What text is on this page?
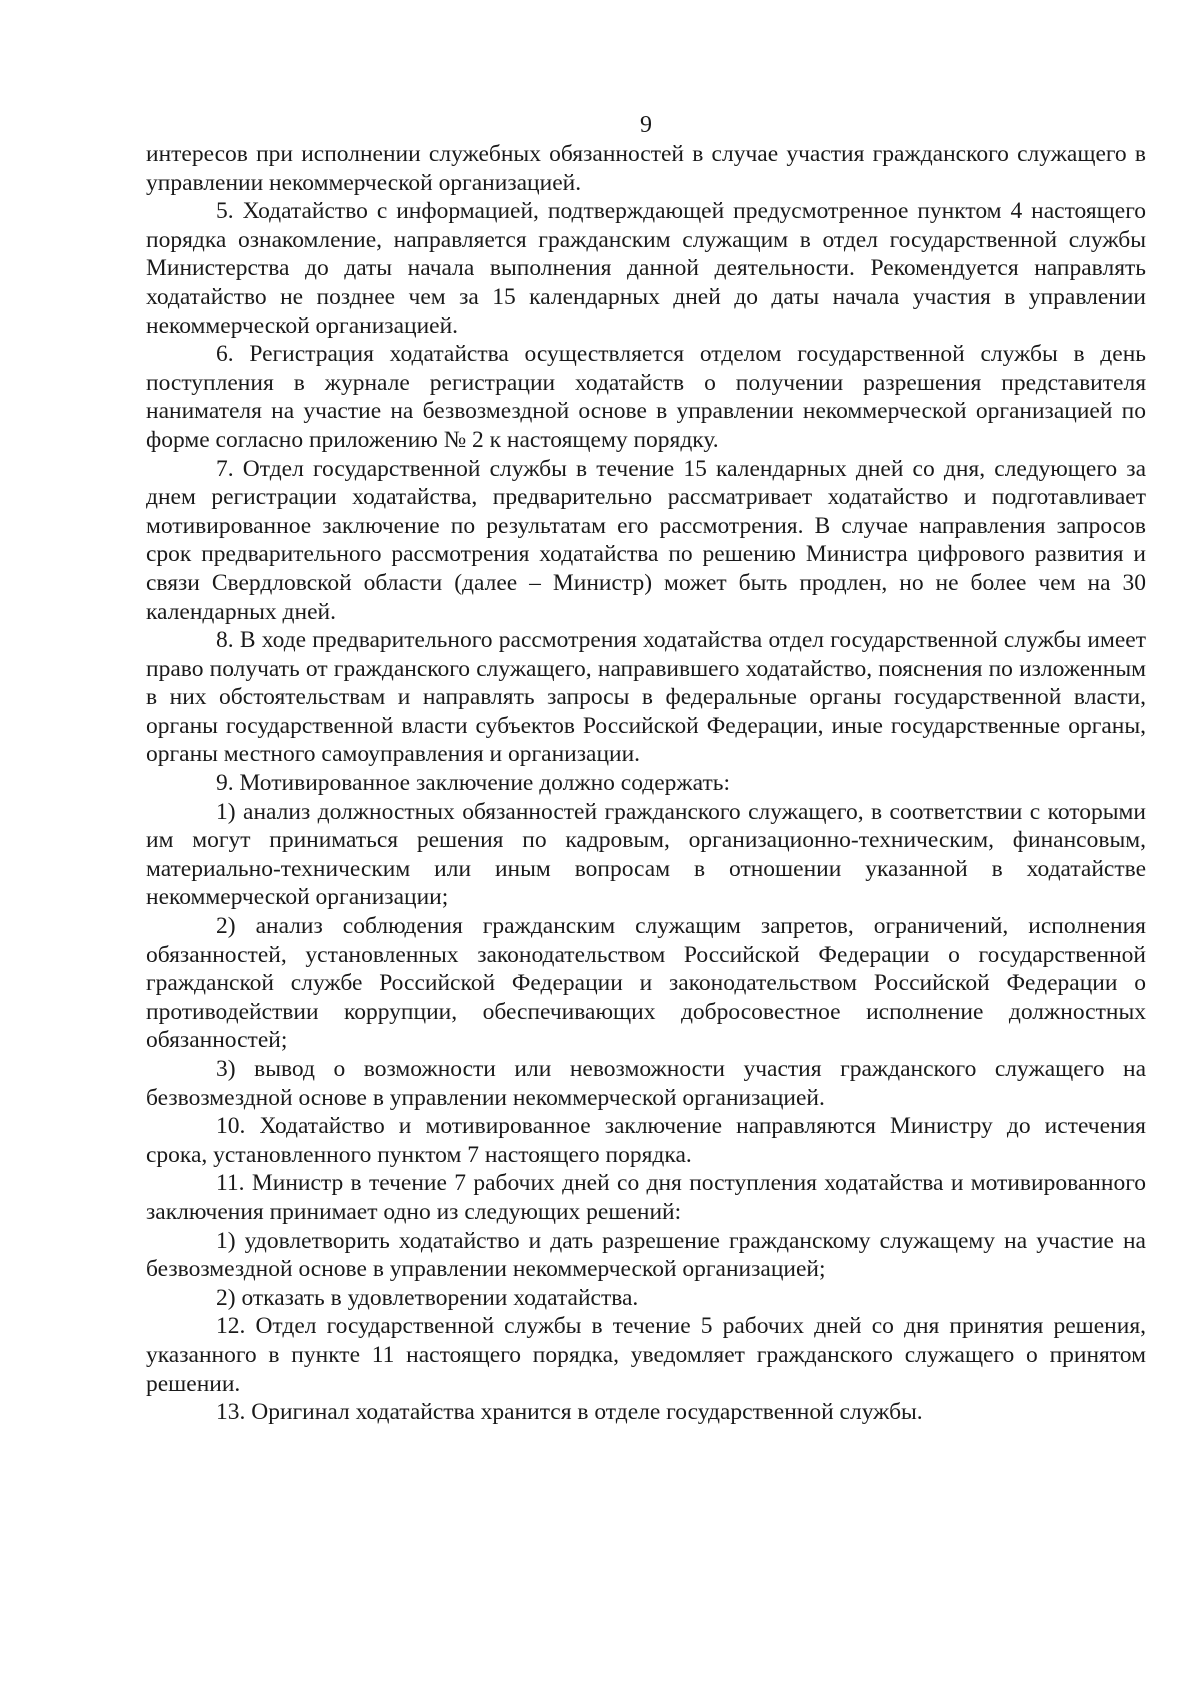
9

интересов при исполнении служебных обязанностей в случае участия гражданского служащего в управлении некоммерческой организацией.

5. Ходатайство с информацией, подтверждающей предусмотренное пунктом 4 настоящего порядка ознакомление, направляется гражданским служащим в отдел государственной службы Министерства до даты начала выполнения данной деятельности. Рекомендуется направлять ходатайство не позднее чем за 15 календарных дней до даты начала участия в управлении некоммерческой организацией.

6. Регистрация ходатайства осуществляется отделом государственной службы в день поступления в журнале регистрации ходатайств о получении разрешения представителя нанимателя на участие на безвозмездной основе в управлении некоммерческой организацией по форме согласно приложению № 2 к настоящему порядку.

7. Отдел государственной службы в течение 15 календарных дней со дня, следующего за днем регистрации ходатайства, предварительно рассматривает ходатайство и подготавливает мотивированное заключение по результатам его рассмотрения. В случае направления запросов срок предварительного рассмотрения ходатайства по решению Министра цифрового развития и связи Свердловской области (далее – Министр) может быть продлен, но не более чем на 30 календарных дней.

8. В ходе предварительного рассмотрения ходатайства отдел государственной службы имеет право получать от гражданского служащего, направившего ходатайство, пояснения по изложенным в них обстоятельствам и направлять запросы в федеральные органы государственной власти, органы государственной власти субъектов Российской Федерации, иные государственные органы, органы местного самоуправления и организации.

9. Мотивированное заключение должно содержать:

1) анализ должностных обязанностей гражданского служащего, в соответствии с которыми им могут приниматься решения по кадровым, организационно-техническим, финансовым, материально-техническим или иным вопросам в отношении указанной в ходатайстве некоммерческой организации;

2) анализ соблюдения гражданским служащим запретов, ограничений, исполнения обязанностей, установленных законодательством Российской Федерации о государственной гражданской службе Российской Федерации и законодательством Российской Федерации о противодействии коррупции, обеспечивающих добросовестное исполнение должностных обязанностей;

3) вывод о возможности или невозможности участия гражданского служащего на безвозмездной основе в управлении некоммерческой организацией.

10. Ходатайство и мотивированное заключение направляются Министру до истечения срока, установленного пунктом 7 настоящего порядка.

11. Министр в течение 7 рабочих дней со дня поступления ходатайства и мотивированного заключения принимает одно из следующих решений:

1) удовлетворить ходатайство и дать разрешение гражданскому служащему на участие на безвозмездной основе в управлении некоммерческой организацией;

2) отказать в удовлетворении ходатайства.

12. Отдел государственной службы в течение 5 рабочих дней со дня принятия решения, указанного в пункте 11 настоящего порядка, уведомляет гражданского служащего о принятом решении.

13. Оригинал ходатайства хранится в отделе государственной службы.
